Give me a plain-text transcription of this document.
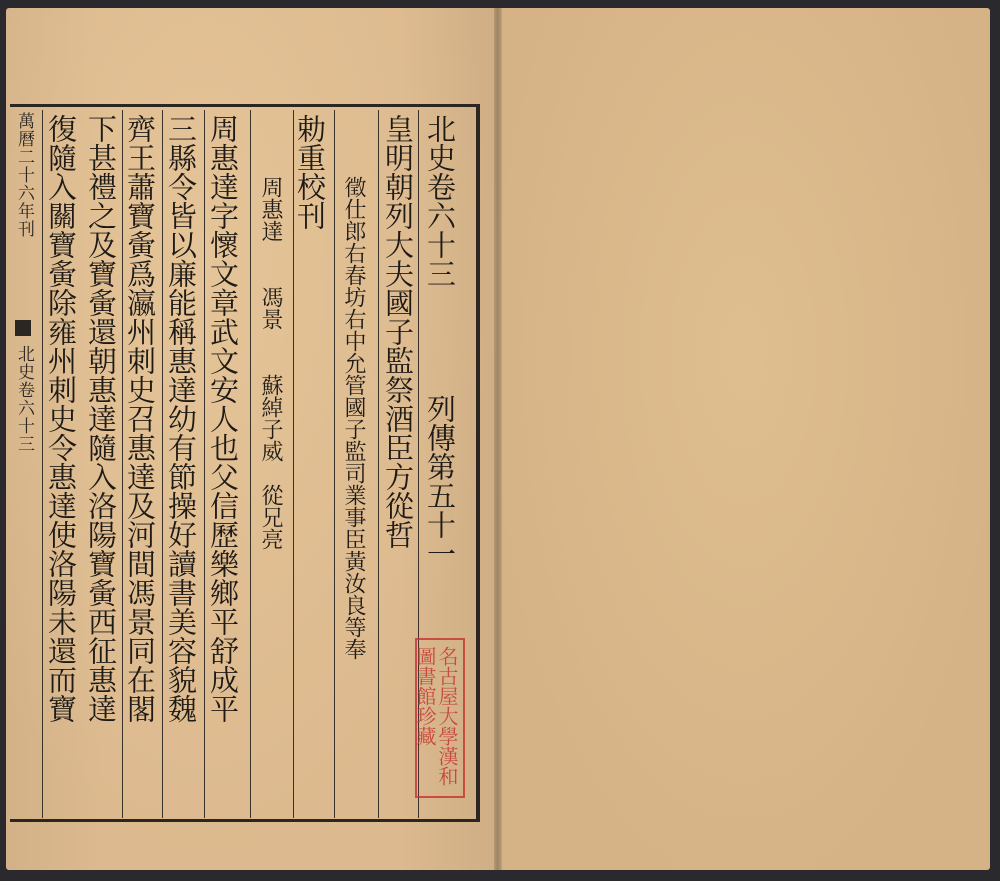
萬曆二十六年刊
北史卷六十三
北史卷六十三
列傳第五十一
皇明朝列大夫國子監祭酒臣方從哲
徵仕郎右春坊右中允管國子監司業事臣黃汝良等奉
勅重校刊
周惠達　　馮景　　蘇綽子威　從兄亮
周惠達字懷文章武文安人也父信歷樂鄉平舒成平
三縣令皆以廉能稱惠達幼有節操好讀書美容貌魏
齊王蕭寶夤爲瀛州刺史召惠達及河間馮景同在閣
下甚禮之及寶夤還朝惠達隨入洛陽寶夤西征惠達
復隨入關寶夤除雍州刺史令惠達使洛陽未還而寶	名古屋大學漢和
圖書館珍藏
